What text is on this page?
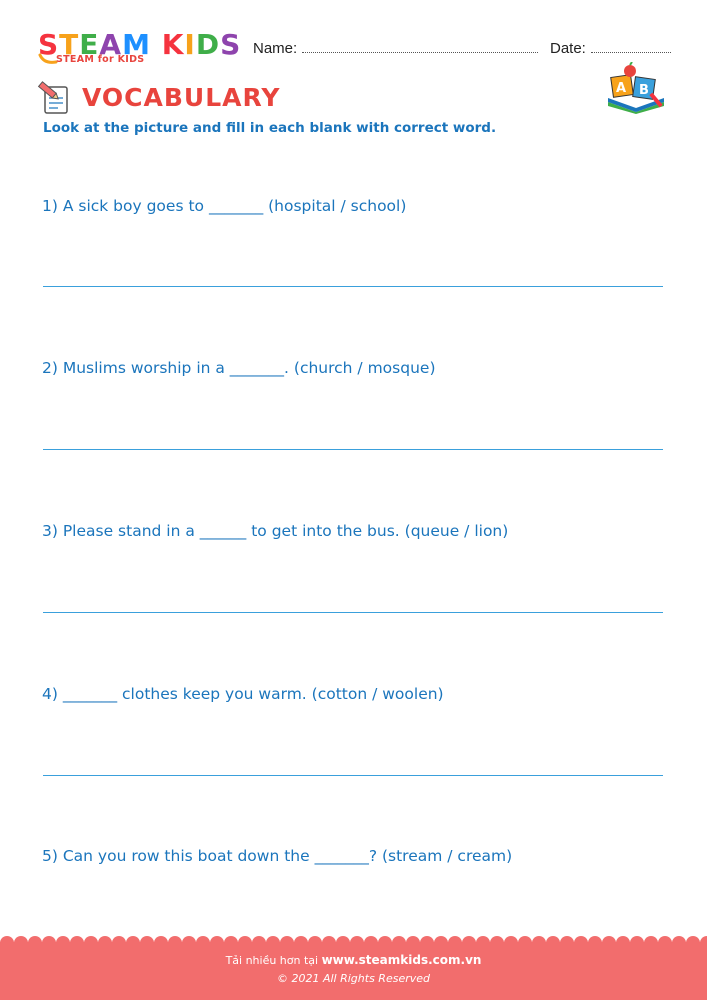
STEAM KIDS
STEAM for KIDS
Name:	Date:
VOCABULARY	A B
Look at the picture and fill in each blank with correct word.
1) A sick boy goes to _______ (hospital / school)
2) Muslims worship in a _______. (church / mosque)
3) Please stand in a ______ to get into the bus. (queue / lion)
4) _______ clothes keep you warm. (cotton / woolen)
5) Can you row this boat down the _______? (stream / cream)
Tải nhiều hơn tại www.steamkids.com.vn
© 2021 All Rights Reserved
